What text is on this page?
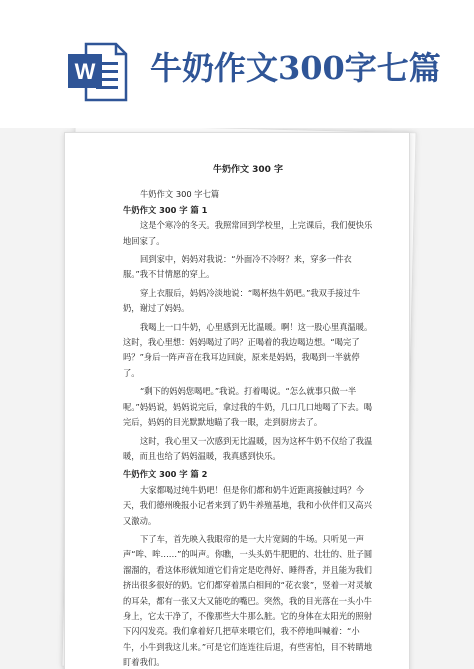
W 牛奶作文300字七篇
牛奶作文 300 字
牛奶作文 300 字七篇
牛奶作文 300 字 篇 1
这是个寒冷的冬天。我照常回到学校里，上完课后，我们便快乐地回家了。
回到家中，妈妈对我说：“外面冷不冷呀？来，穿多一件衣服。”我不甘情愿的穿上。
穿上衣服后，妈妈冷淡地说：“喝杯热牛奶吧。”我双手接过牛奶，谢过了妈妈。
我喝上一口牛奶，心里感到无比温暖。啊！这一股心里真温暖。这时，我心里想：妈妈喝过了吗？正喝着的我边喝边想。“喝完了吗？”身后一阵声音在我耳边回旋，原来是妈妈，我喝到一半就停了。
“剩下的妈妈您喝吧。”我说。打着喝说。“怎么就事只做一半呢。”妈妈说，妈妈说完后，拿过我的牛奶，几口几口地喝了下去。喝完后，妈妈的目光默默地瞄了我一眼，走到厨房去了。
这时，我心里又一次感到无比温暖，因为这杯牛奶不仅给了我温暖，而且也给了妈妈温暖，我真感到快乐。
牛奶作文 300 字 篇 2
大家都喝过纯牛奶吧！但是你们都和奶牛近距离接触过吗？今天，我们德州晚报小记者来到了奶牛养殖基地，我和小伙伴们又高兴又激动。
下了车，首先映入我眼帘的是一大片宽阔的牛场。只听见一声声“哞、哞……”的叫声。你瞧，一头头奶牛肥肥的、壮壮的、肚子圆溜溜的，看这体形就知道它们肯定是吃得好、睡得香，并且能为我们挤出很多很好的奶。它们都穿着黑白相间的“花衣裳”，竖着一对灵敏的耳朵，都有一张又大又能吃的嘴巴。突然，我的目光落在一头小牛身上，它太干净了，不像那些大牛那么脏。它的身体在太阳光的照射下闪闪发亮。我们拿着好几把草来喂它们，我不停地叫喊着：“小牛，小牛到我这儿来。”可是它们连连往后退，有些害怕，目不转睛地盯着我们。
